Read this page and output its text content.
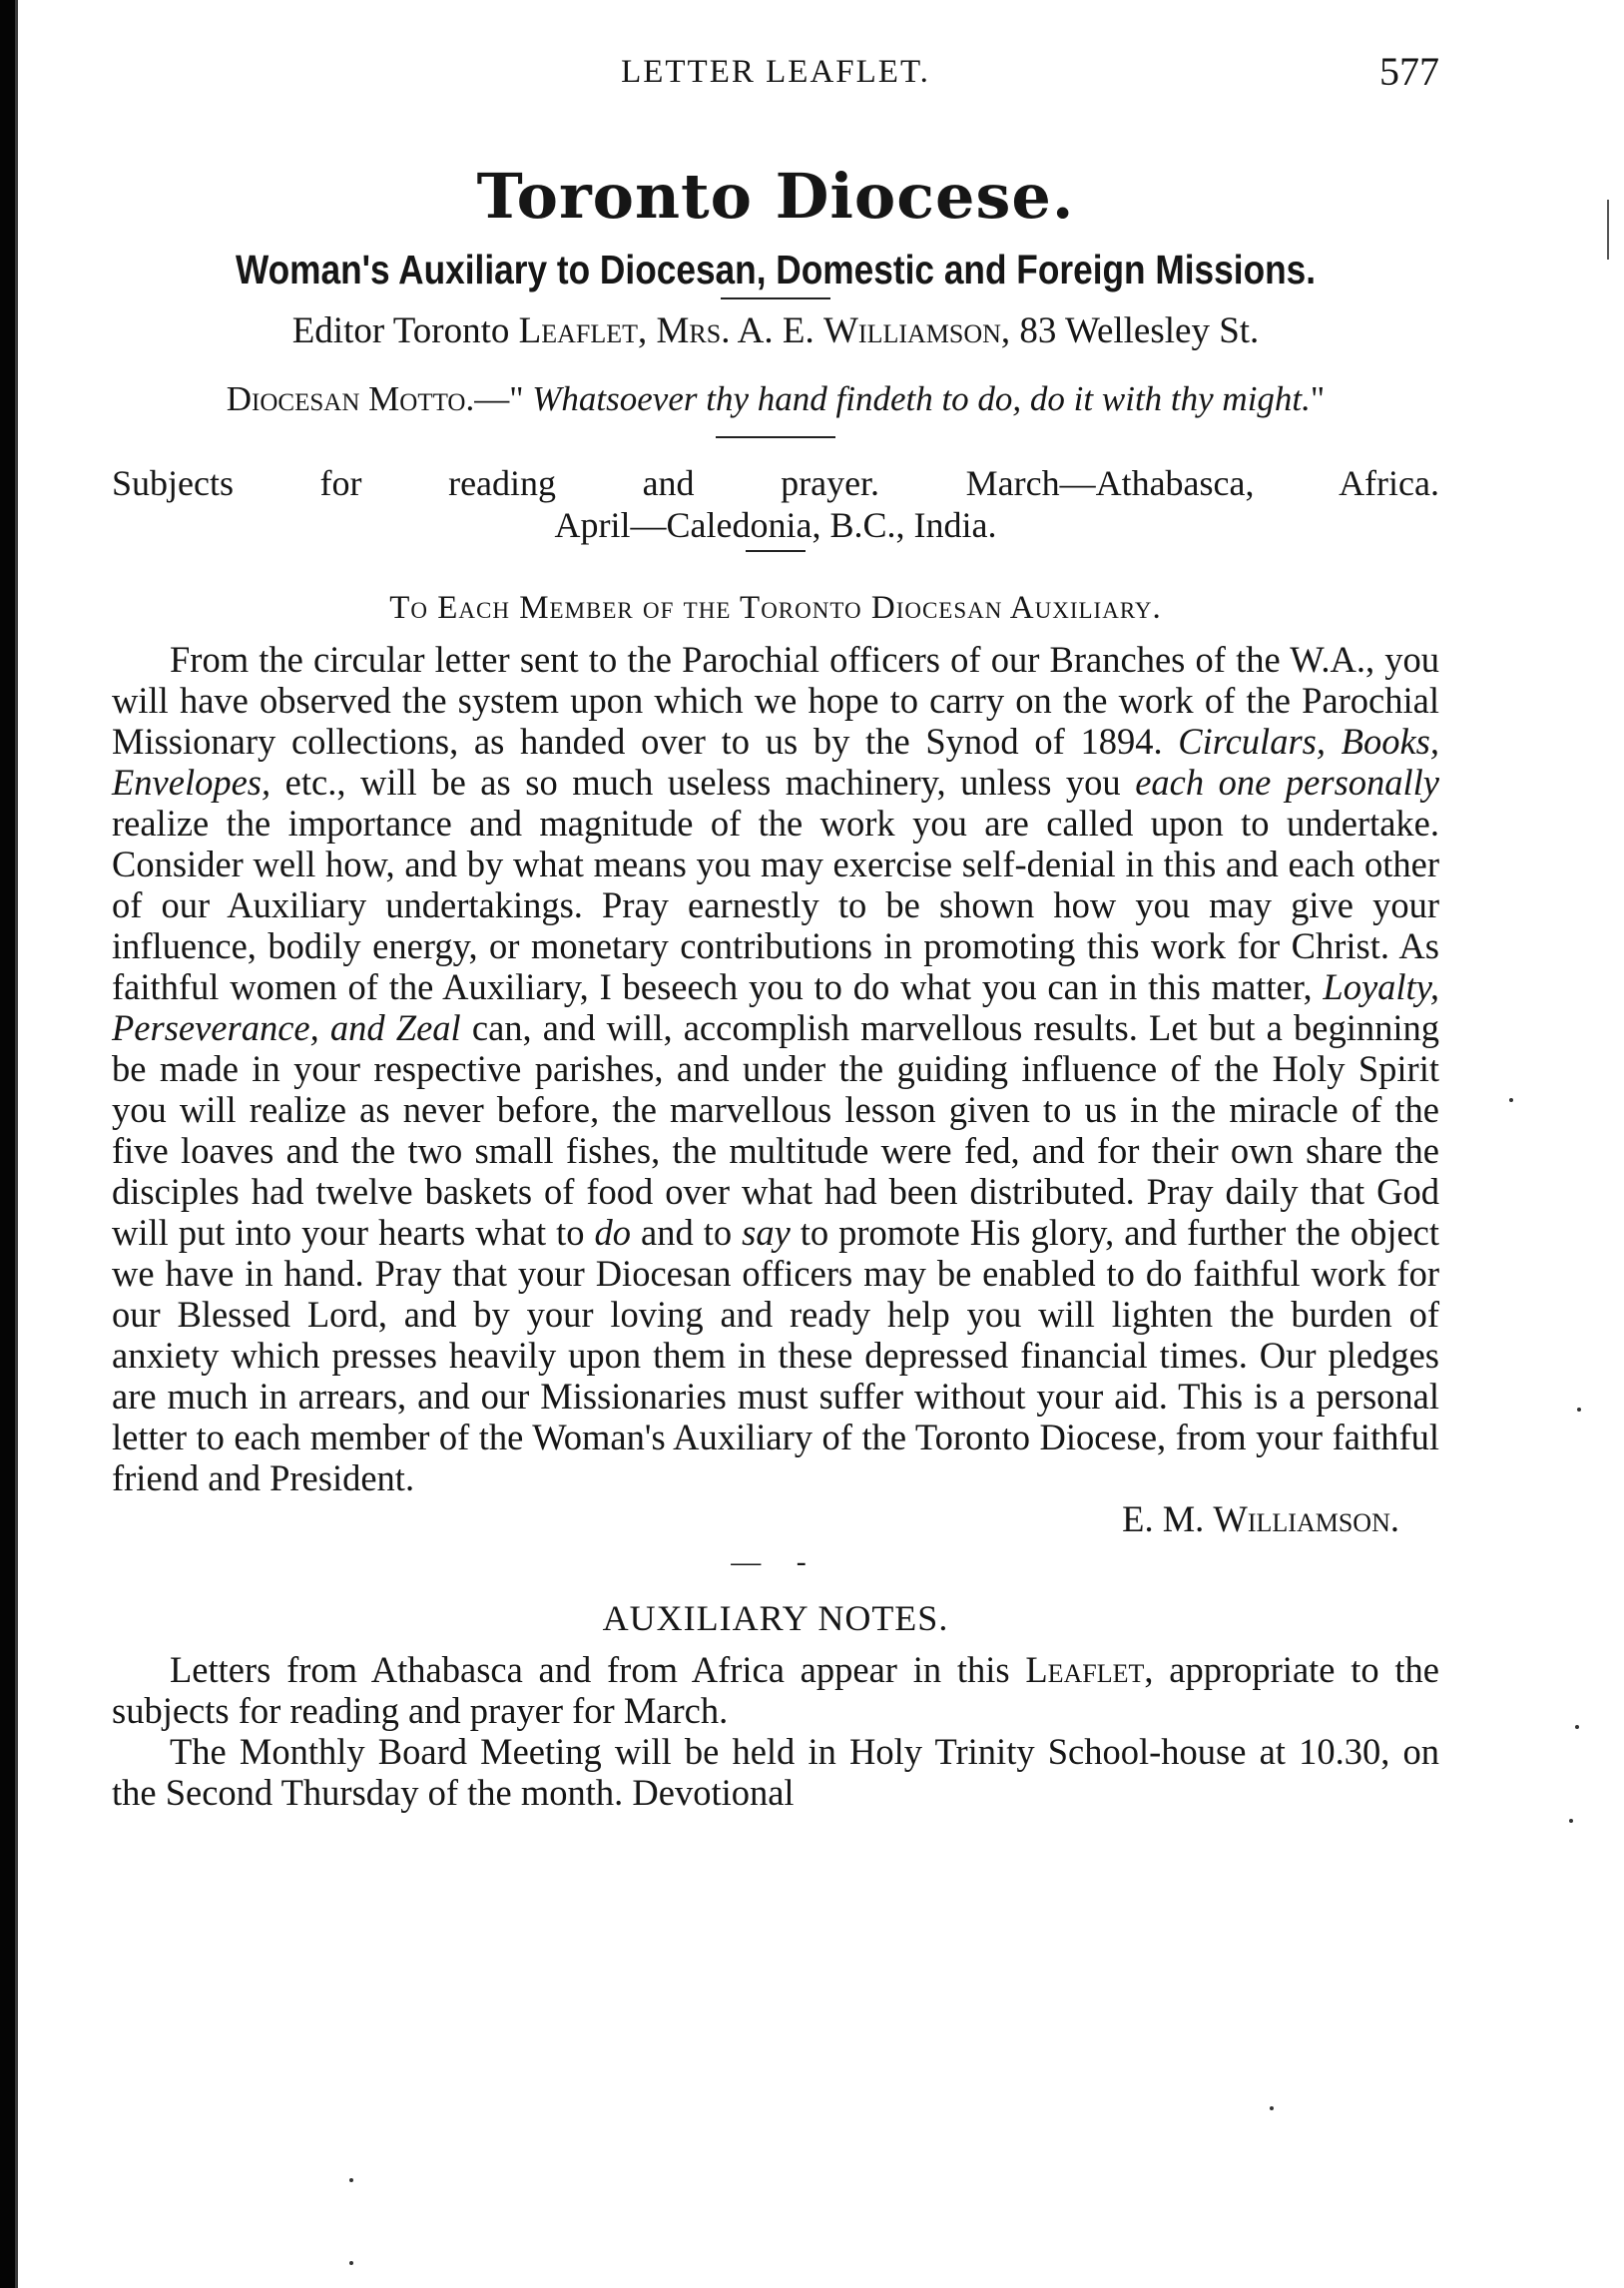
LETTER LEAFLET.	577
Toronto Diocese.
Woman's Auxiliary to Diocesan, Domestic and Foreign Missions.
Editor Toronto Leaflet, Mrs. A. E. Williamson, 83 Wellesley St.
Diocesan Motto.—" Whatsoever thy hand findeth to do, do it with thy might."
Subjects for reading and prayer. March—Athabasca, Africa.
April—Caledonia, B.C., India.
To Each Member of the Toronto Diocesan Auxiliary.

From the circular letter sent to the Parochial officers of our Branches of the W.A., you will have observed the system upon which we hope to carry on the work of the Parochial Missionary collections, as handed over to us by the Synod of 1894. Circulars, Books, Envelopes, etc., will be as so much useless machinery, unless you each one personally realize the importance and magnitude of the work you are called upon to undertake. Consider well how, and by what means you may exercise self-denial in this and each other of our Auxiliary undertakings. Pray earnestly to be shown how you may give your influence, bodily energy, or monetary contributions in promoting this work for Christ. As faithful women of the Auxiliary, I beseech you to do what you can in this matter, Loyalty, Perseverance, and Zeal can, and will, accomplish marvellous results. Let but a beginning be made in your respective parishes, and under the guiding influence of the Holy Spirit you will realize as never before, the marvellous lesson given to us in the miracle of the five loaves and the two small fishes, the multitude were fed, and for their own share the disciples had twelve baskets of food over what had been distributed. Pray daily that God will put into your hearts what to do and to say to promote His glory, and further the object we have in hand. Pray that your Diocesan officers may be enabled to do faithful work for our Blessed Lord, and by your loving and ready help you will lighten the burden of anxiety which presses heavily upon them in these depressed financial times. Our pledges are much in arrears, and our Missionaries must suffer without your aid. This is a personal letter to each member of the Woman's Auxiliary of the Toronto Diocese, from your faithful friend and President.

E. M. Williamson.
— -
AUXILIARY NOTES.

Letters from Athabasca and from Africa appear in this Leaflet, appropriate to the subjects for reading and prayer for March.

The Monthly Board Meeting will be held in Holy Trinity School-house at 10.30, on the Second Thursday of the month. Devotional
